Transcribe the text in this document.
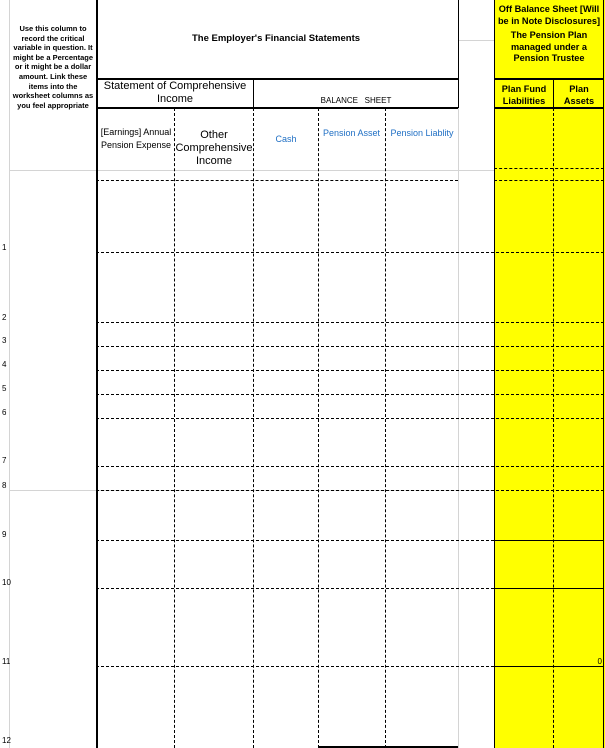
Use this column to record the critical variable in question. It might be a Percentage or it might be a dollar amount. Link these items into the worksheet columns as you feel appropriate
The Employer's Financial Statements
Statement of Comprehensive Income	BALANCE   SHEET
[Earnings] Annual Pension Expense
Other Comprehensive Income
Cash
Pension Asset	Pension Liablity
Off Balance Sheet [Will be in Note Disclosures]
The Pension Plan managed under a Pension Trustee
Plan Fund Liabilities
Plan Assets
1
2
3
4
5
6
7
8
9
10
11
12
0
